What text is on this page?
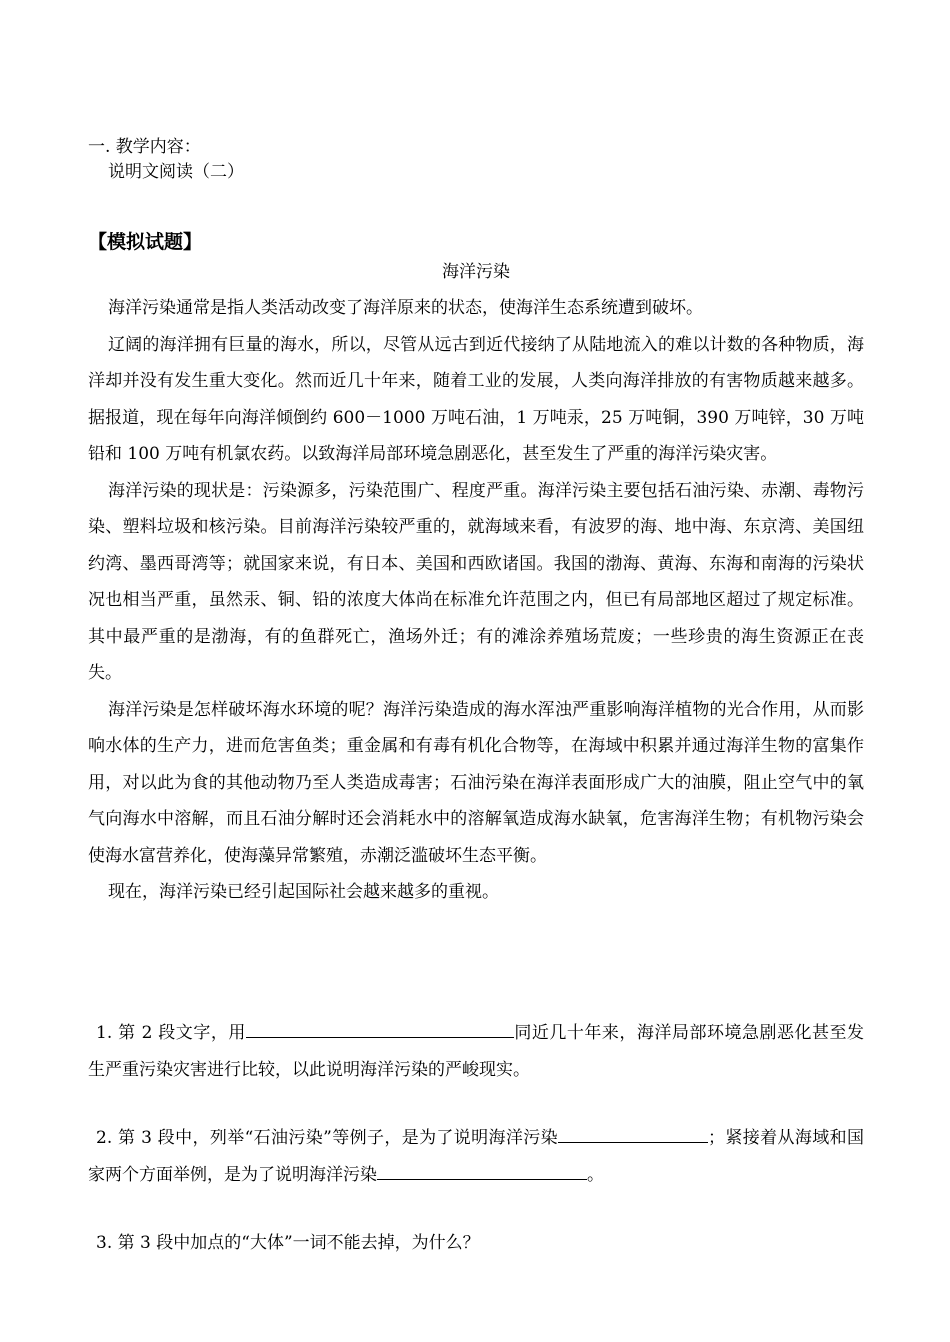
一. 教学内容：
说明文阅读（二）
【模拟试题】
海洋污染

海洋污染通常是指人类活动改变了海洋原来的状态，使海洋生态系统遭到破坏。

辽阔的海洋拥有巨量的海水，所以，尽管从远古到近代接纳了从陆地流入的难以计数的各种物质，海洋却并没有发生重大变化。然而近几十年来，随着工业的发展，人类向海洋排放的有害物质越来越多。据报道，现在每年向海洋倾倒约 600－1000 万吨石油，1 万吨汞，25 万吨铜，390 万吨锌，30 万吨铅和 100 万吨有机氯农药。以致海洋局部环境急剧恶化，甚至发生了严重的海洋污染灾害。

海洋污染的现状是：污染源多，污染范围广、程度严重。海洋污染主要包括石油污染、赤潮、毒物污染、塑料垃圾和核污染。目前海洋污染较严重的，就海域来看，有波罗的海、地中海、东京湾、美国纽约湾、墨西哥湾等；就国家来说，有日本、美国和西欧诸国。我国的渤海、黄海、东海和南海的污染状况也相当严重，虽然汞、铜、铅的浓度大体尚在标准允许范围之内，但已有局部地区超过了规定标准。其中最严重的是渤海，有的鱼群死亡，渔场外迁；有的滩涂养殖场荒废；一些珍贵的海生资源正在丧失。

海洋污染是怎样破坏海水环境的呢？海洋污染造成的海水浑浊严重影响海洋植物的光合作用，从而影响水体的生产力，进而危害鱼类；重金属和有毒有机化合物等，在海域中积累并通过海洋生物的富集作用，对以此为食的其他动物乃至人类造成毒害；石油污染在海洋表面形成广大的油膜，阻止空气中的氧气向海水中溶解，而且石油分解时还会消耗水中的溶解氧造成海水缺氧，危害海洋生物；有机物污染会使海水富营养化，使海藻异常繁殖，赤潮泛滥破坏生态平衡。

现在，海洋污染已经引起国际社会越来越多的重视。

1. 第 2 段文字，用	同近几十年来，海洋局部环境急剧恶化甚至发生严重污染灾害进行比较，以此说明海洋污染的严峻现实。

2. 第 3 段中，列举“石油污染”等例子，是为了说明海洋污染	；紧接着从海域和国家两个方面举例，是为了说明海洋污染	。

3. 第 3 段中加点的“大体”一词不能去掉，为什么？
